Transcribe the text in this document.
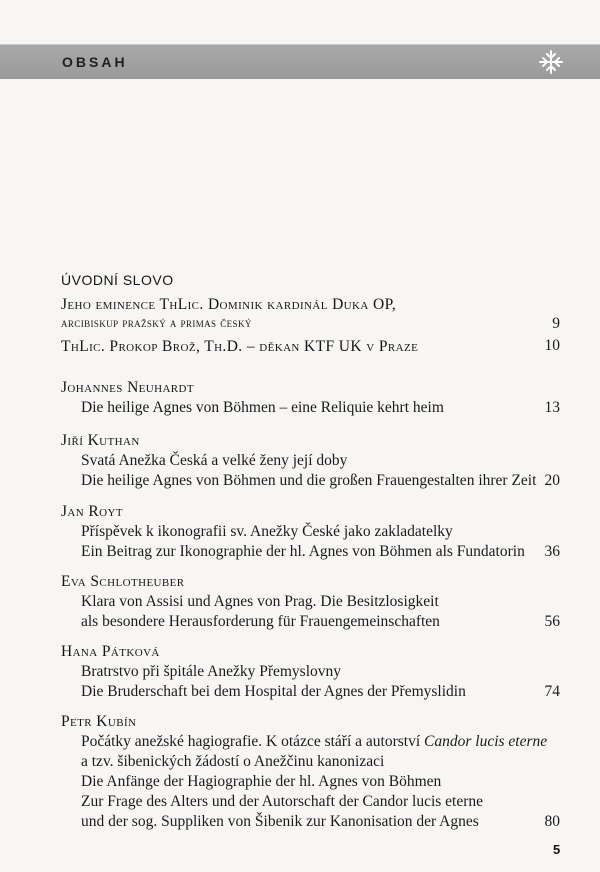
OBSAH
ÚVODNÍ SLOVO
Jeho eminence ThLic. Dominik kardinál Duka OP,
arcibiskup pražský a primas český	9
ThLic. Prokop Brož, Th.D. – děkan KTF UK v Praze	10
Johannes Neuhardt
Die heilige Agnes von Böhmen – eine Reliquie kehrt heim	13
Jiří Kuthan
Svatá Anežka Česká a velké ženy její doby
Die heilige Agnes von Böhmen und die großen Frauengestalten ihrer Zeit 20
Jan Royt
Příspěvek k ikonografii sv. Anežky České jako zakladatelky
Ein Beitrag zur Ikonographie der hl. Agnes von Böhmen als Fundatorin 36
Eva Schlotheuber
Klara von Assisi und Agnes von Prag. Die Besitzlosigkeit
als besondere Herausforderung für Frauengemeinschaften	56
Hana Pátková
Bratrstvo při špitále Anežky Přemyslovny
Die Bruderschaft bei dem Hospital der Agnes der Přemyslidin	74
Petr Kubín
Počátky anežské hagiografie. K otázce stáří a autorství Candor lucis eterne
a tzv. šibenických žádostí o Anežčinu kanonizaci
Die Anfänge der Hagiographie der hl. Agnes von Böhmen
Zur Frage des Alters und der Autorschaft der Candor lucis eterne
und der sog. Suppliken von Šibenik zur Kanonisation der Agnes	80
5
